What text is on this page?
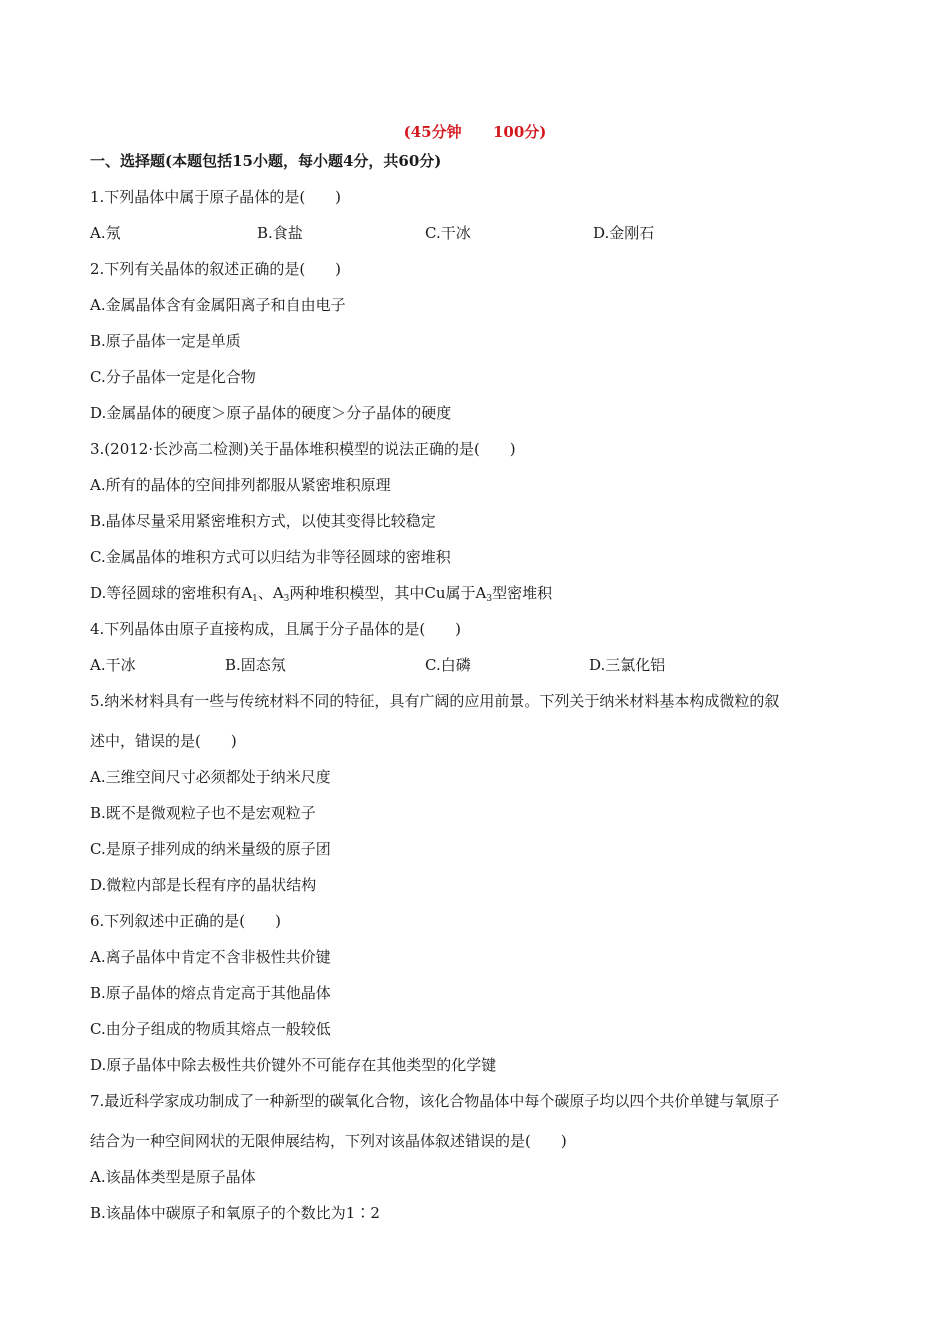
(45分钟      100分)
一、选择题(本题包括15小题，每小题4分，共60分)
1.下列晶体中属于原子晶体的是(　　)
A.氖	B.食盐	C.干冰	D.金刚石
2.下列有关晶体的叙述正确的是(　　)
A.金属晶体含有金属阳离子和自由电子
B.原子晶体一定是单质
C.分子晶体一定是化合物
D.金属晶体的硬度＞原子晶体的硬度＞分子晶体的硬度
3.(2012·长沙高二检测)关于晶体堆积模型的说法正确的是(　　)
A.所有的晶体的空间排列都服从紧密堆积原理
B.晶体尽量采用紧密堆积方式，以使其变得比较稳定
C.金属晶体的堆积方式可以归结为非等径圆球的密堆积
D.等径圆球的密堆积有$A_1$、$A_3$两种堆积模型，其中Cu属于$A_3$型密堆积
4.下列晶体由原子直接构成，且属于分子晶体的是(　　)
A.干冰	B.固态氖	C.白磷	D.三氯化铝
5.纳米材料具有一些与传统材料不同的特征，具有广阔的应用前景。下列关于纳米材料基本构成微粒的叙
述中，错误的是(　　)
A.三维空间尺寸必须都处于纳米尺度
B.既不是微观粒子也不是宏观粒子
C.是原子排列成的纳米量级的原子团
D.微粒内部是长程有序的晶状结构
6.下列叙述中正确的是(　　)
A.离子晶体中肯定不含非极性共价键
B.原子晶体的熔点肯定高于其他晶体
C.由分子组成的物质其熔点一般较低
D.原子晶体中除去极性共价键外不可能存在其他类型的化学键
7.最近科学家成功制成了一种新型的碳氧化合物，该化合物晶体中每个碳原子均以四个共价单键与氧原子
结合为一种空间网状的无限伸展结构，下列对该晶体叙述错误的是(　　)
A.该晶体类型是原子晶体
B.该晶体中碳原子和氧原子的个数比为1∶2
